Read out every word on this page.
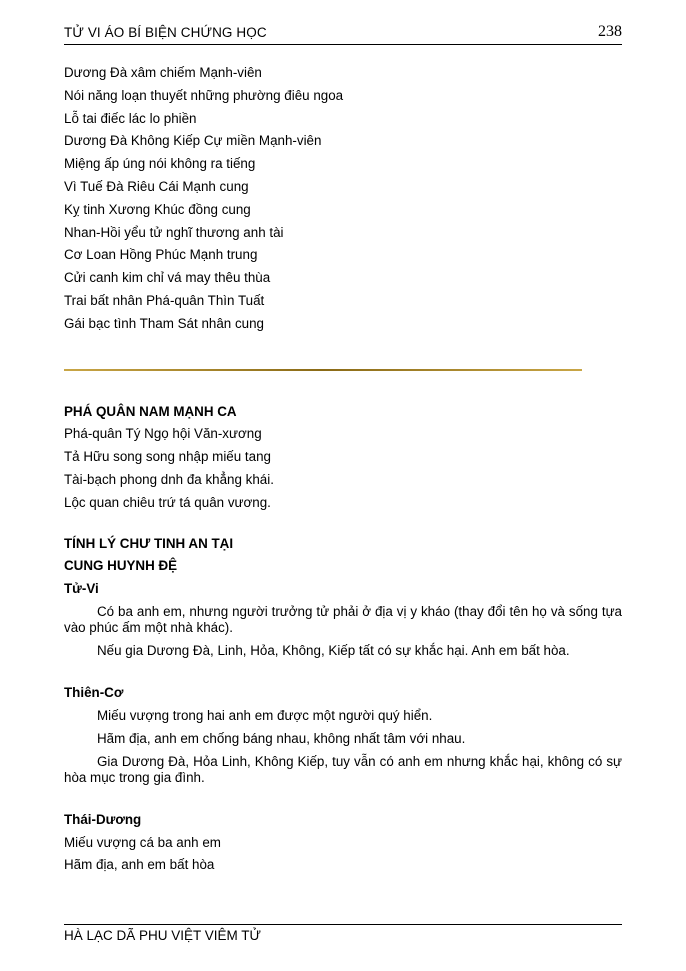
TỬ VI ÁO BÍ BIỆN CHỨNG HỌC	238
Dương Đà xâm chiếm Mạnh-viên
Nói năng loạn thuyết những phường điêu ngoa
Lỗ tai điếc lác lo phiền
Dương Đà Không Kiếp Cự miền Mạnh-viên
Miệng ấp úng nói không ra tiếng
Vì Tuế Đà Riêu Cái Mạnh cung
Kỵ tinh Xương Khúc đồng cung
Nhan-Hồi yểu tử nghĩ thương anh tài
Cơ Loan Hồng Phúc Mạnh trung
Cửi canh kim chỉ vá may thêu thùa
Trai bất nhân Phá-quân Thìn Tuất
Gái bạc tình Tham Sát nhân cung
PHÁ QUÂN NAM MẠNH CA
Phá-quân Tý Ngọ hội Văn-xương
Tả Hữu song song nhập miếu tang
Tài-bạch phong dnh đa khẳng khái.
Lộc quan chiêu trứ tá quân vương.
TÍNH LÝ CHƯ TINH AN TẠI
CUNG HUYNH ĐỆ
Tử-Vi
Có ba anh em, nhưng người trưởng tử phải ở địa vị y kháo (thay đổi tên họ và sống tựa vào phúc ấm một nhà khác).
Nếu gia Dương Đà, Linh, Hỏa, Không, Kiếp tất có sự khắc hại. Anh em bất hòa.
Thiên-Cơ
Miếu vượng trong hai anh em được một người quý hiển.
Hãm địa, anh em chống báng nhau, không nhất tâm với nhau.
Gia Dương Đà, Hỏa Linh, Không Kiếp, tuy vẫn có anh em nhưng khắc hại, không có sự hòa mục trong gia đình.
Thái-Dương
Miếu vượng cá ba anh em
Hãm địa, anh em bất hòa
HÀ LẠC DÃ PHU VIỆT VIÊM TỬ
